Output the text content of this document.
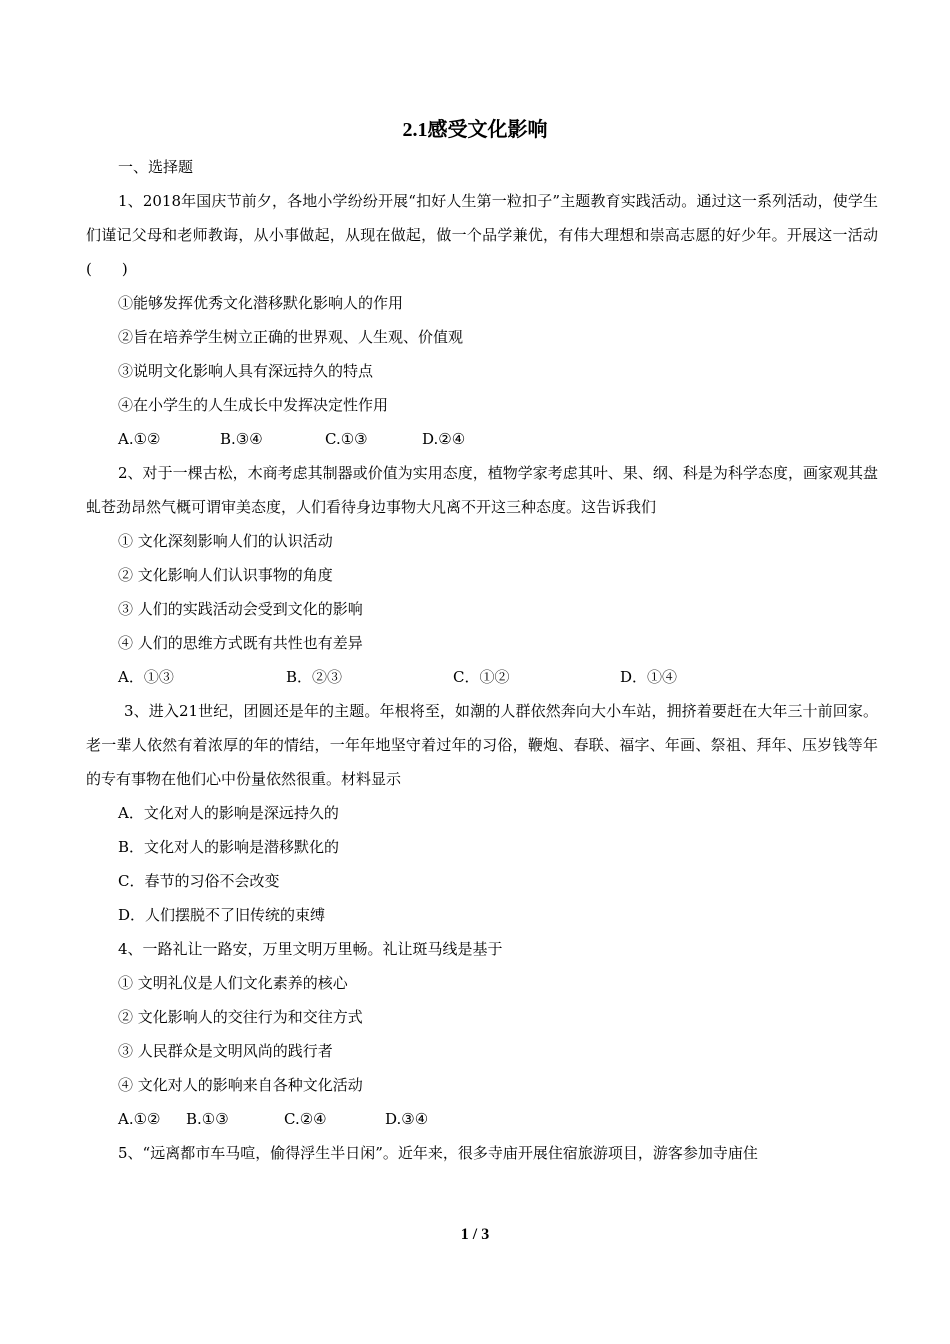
2.1感受文化影响
一、选择题
1、2018年国庆节前夕，各地小学纷纷开展“扣好人生第一粒扣子”主题教育实践活动。通过这一系列活动，使学生们谨记父母和老师教诲，从小事做起，从现在做起，做一个品学兼优，有伟大理想和崇高志愿的好少年。开展这一活动(　　)
①能够发挥优秀文化潜移默化影响人的作用
②旨在培养学生树立正确的世界观、人生观、价值观
③说明文化影响人具有深远持久的特点
④在小学生的人生成长中发挥决定性作用
A.①②	B.③④	C.①③	D.②④
2、对于一棵古松，木商考虑其制器或价值为实用态度，植物学家考虑其叶、果、纲、科是为科学态度，画家观其盘虬苍劲昂然气概可谓审美态度，人们看待身边事物大凡离不开这三种态度。这告诉我们
① 文化深刻影响人们的认识活动
② 文化影响人们认识事物的角度
③ 人们的实践活动会受到文化的影响
④ 人们的思维方式既有共性也有差异
A．①③	B．②③	C．①②	D．①④
3、进入21世纪，团圆还是年的主题。年根将至，如潮的人群依然奔向大小车站，拥挤着要赶在大年三十前回家。老一辈人依然有着浓厚的年的情结，一年年地坚守着过年的习俗，鞭炮、春联、福字、年画、祭祖、拜年、压岁钱等年的专有事物在他们心中份量依然很重。材料显示
A．文化对人的影响是深远持久的
B．文化对人的影响是潜移默化的
C．春节的习俗不会改变
D．人们摆脱不了旧传统的束缚
4、一路礼让一路安，万里文明万里畅。礼让斑马线是基于
① 文明礼仪是人们文化素养的核心
② 文化影响人的交往行为和交往方式
③ 人民群众是文明风尚的践行者
④ 文化对人的影响来自各种文化活动
A.①②	B.①③	C.②④	D.③④
5、“远离都市车马喧，偷得浮生半日闲”。近年来，很多寺庙开展住宿旅游项目，游客参加寺庙住
1 / 3
